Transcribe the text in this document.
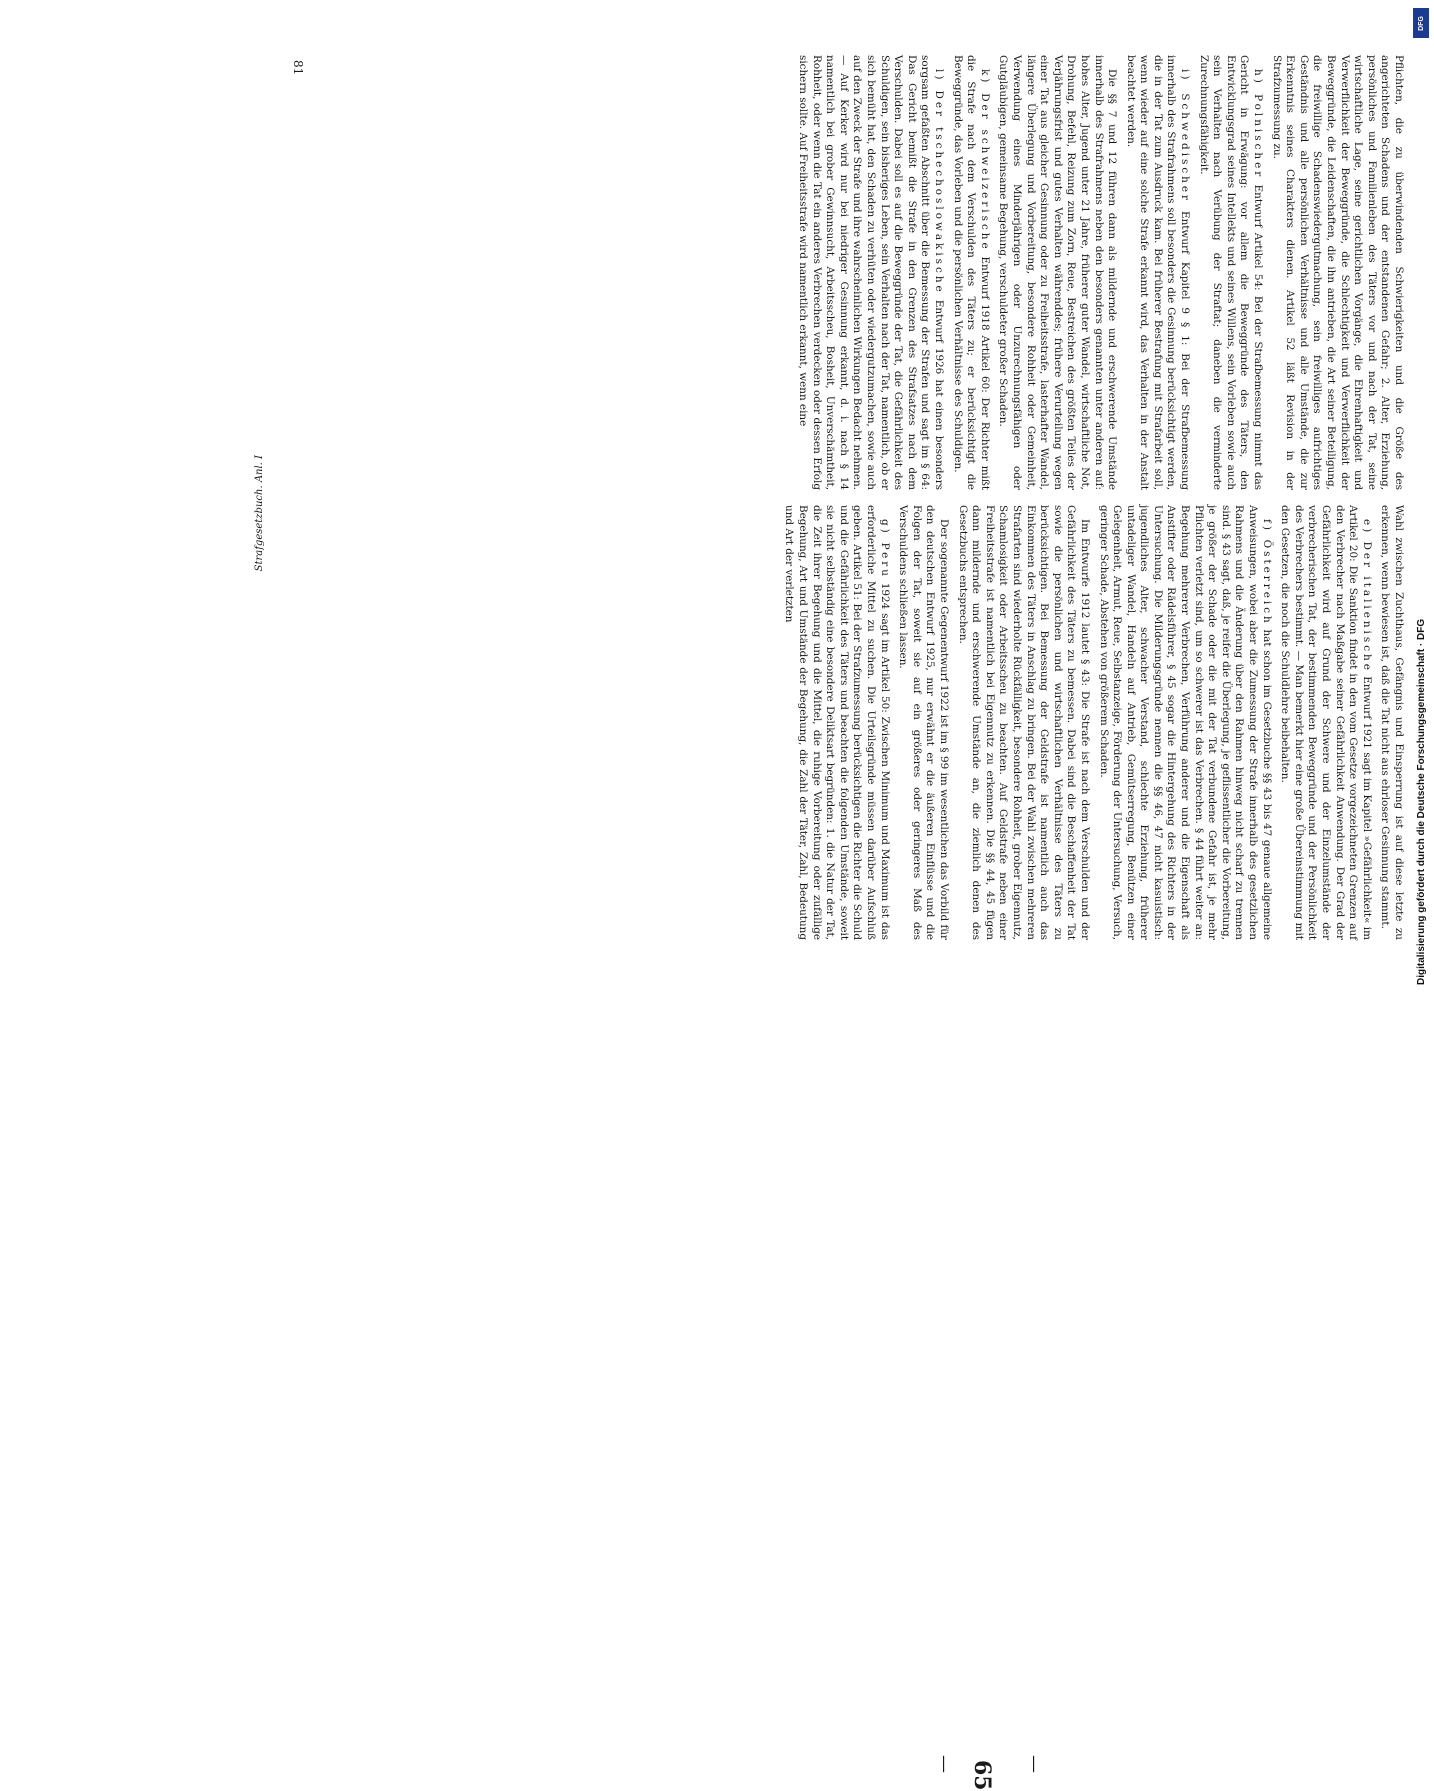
—
65
—

Wahl zwischen Zuchthaus, Gefängnis und Einsperrung ist auf diese letzte zu erkennen, wenn bewiesen ist, daß die Tat nicht aus ehrloser Gesinnung stammt.

e) Der italienische Entwurf 1921 sagt im Kapitel »Gefährlichkeit« im Artikel 20: Die Sanktion findet in den vom Gesetze vorgezeichneten Grenzen auf den Verbrecher nach Maßgabe seiner Gefährlichkeit Anwendung. Der Grad der Gefährlichkeit wird auf Grund der Schwere und der Einzelumstände der verbrecherischen Tat, der bestimmenden Beweggründe und der Persönlichkeit des Verbrechers bestimmt. — Man bemerkt hier eine große Übereinstimmung mit den Gesetzen, die noch die Schuldlehre beibehalten.

f) Österreich hat schon im Gesetzbuche §§ 43 bis 47 genaue allgemeine Anweisungen, wobei aber die Zumessung der Strafe innerhalb des gesetzlichen Rahmens und die Änderung über den Rahmen hinweg nicht scharf zu trennen sind. § 43 sagt, daß, je reifer die Überlegung, je geflissentlicher die Vorbereitung, je größer der Schade oder die mit der Tat verbundene Gefahr ist, je mehr Pflichten verletzt sind, um so schwerer ist das Verbrechen. § 44 führt weiter an: Begehung mehrerer Verbrechen, Verführung anderer und die Eigenschaft als Anstifter oder Rädelsführer, § 45 sogar die Hintergehung des Richters in der Untersuchung. Die Milderungsgründe nennen die §§ 46, 47 nicht kasuistisch: jugendliches Alter, schwacher Verstand, schlechte Erziehung, früherer untadeliger Wandel, Handeln auf Antrieb, Gemütserregung, Benützen einer Gelegenheit, Armut, Reue, Selbstanzeige, Förderung der Untersuchung, Versuch, geringer Schade, Abstehen von größerem Schaden.

Im Entwurfe 1912 lautet § 43: Die Strafe ist nach dem Verschulden und der Gefährlichkeit des Täters zu bemessen. Dabei sind die Beschaffenheit der Tat sowie die persönlichen und wirtschaftlichen Verhältnisse des Täters zu berücksichtigen. Bei Bemessung der Geldstrafe ist namentlich auch das Einkommen des Täters in Anschlag zu bringen. Bei der Wahl zwischen mehreren Strafarten sind wiederholte Rückfälligkeit, besondere Rohheit, grober Eigennutz, Schamlosigkeit oder Arbeitsscheu zu beachten. Auf Geldstrafe neben einer Freiheitsstrafe ist namentlich bei Eigennutz zu erkennen. Die §§ 44, 45 fügen dann mildernde und erschwerende Umstände an, die ziemlich denen des Gesetzbuchs entsprechen.

Der sogenannte Gegenentwurf 1922 ist im § 99 im wesentlichen das Vorbild für den deutschen Entwurf 1925, nur erwähnt er die äußeren Einflüsse und die Folgen der Tat, soweit sie auf ein größeres oder geringeres Maß des Verschuldens schließen lassen.

g) Peru 1924 sagt im Artikel 50: Zwischen Minimum und Maximum ist das erforderliche Mittel zu suchen. Die Urteilsgründe müssen darüber Aufschluß geben. Artikel 51: Bei der Strafzumessung berücksichtigen die Richter die Schuld und die Gefährlichkeit des Täters und beachten die folgenden Umstände, soweit sie nicht selbständig eine besondere Deliktsart begründen: 1. die Natur der Tat, die Zeit ihrer Begehung und die Mittel, die ruhige Vorbereitung oder zufällige Begehung, Art und Umstände der Begehung, die Zahl der Täter, Zahl, Bedeutung und Art der verletzten

Pflichten, die zu überwindenden Schwierigkeiten und die Größe des angerichteten Schadens und der entstandenen Gefahr; 2. Alter, Erziehung, persönliches und Familienleben des Täters vor und nach der Tat, seine wirtschaftliche Lage, seine gerichtlichen Vorgänge, die Ehrenhaftigkeit und Verwerflichkeit der Beweggründe, die Schlechtigkeit und Verwerflichkeit der Beweggründe, die Leidenschaften, die ihn antrieben, die Art seiner Beteiligung, die freiwillige Schadenswiedergutmachung, sein freiwilliges aufrichtiges Geständnis und alle persönlichen Verhältnisse und alle Umstände, die zur Erkenntnis seines Charakters dienen. Artikel 52 läßt Revision in der Strafzumessung zu.

h) Polnischer Entwurf Artikel 54: Bei der Strafbemessung nimmt das Gericht in Erwägung: vor allem die Beweggründe des Täters, den Entwicklungsgrad seines Intellekts und seines Willens, sein Vorleben sowie auch sein Verhalten nach Verübung der Straftat; daneben die verminderte Zurechnungsfähigkeit.

i) Schwedischer Entwurf Kapitel 9 § 1: Bei der Strafbemessung innerhalb des Strafrahmens soll besonders die Gesinnung berücksichtigt werden, die in der Tat zum Ausdruck kam. Bei früherer Bestrafung mit Strafarbeit soll, wenn wieder auf eine solche Strafe erkannt wird, das Verhalten in der Anstalt beachtet werden.

Die §§ 7 und 12 führen dann als mildernde und erschwerende Umstände innerhalb des Strafrahmens neben den besonders genannten unter anderen auf: hohes Alter, Jugend unter 21 Jahre, früherer guter Wandel, wirtschaftliche Not, Drohung, Befehl, Reizung zum Zorn, Reue, Bestreichen des größten Teiles der Verjährungsfrist und gutes Verhalten währenddes; frühere Verurteilung wegen einer Tat aus gleicher Gesinnung oder zu Freiheitsstrafe, lasterhafter Wandel, längere Überlegung und Vorbereitung, besondere Rohheit oder Gemeinheit, Verwendung eines Minderjährigen oder Unzurechnungsfähigen oder Gutgläubigen, gemeinsame Begehung, verschuldeter großer Schaden.

k) Der schweizerische Entwurf 1918 Artikel 60: Der Richter mißt die Strafe nach dem Verschulden des Täters zu; er berücksichtigt die Beweggründe, das Vorleben und die persönlichen Verhältnisse des Schuldigen.

l) Der tschechoslowakische Entwurf 1926 hat einen besonders sorgsam gefaßten Abschnitt über die Bemessung der Strafen und sagt im § 64: Das Gericht bemißt die Strafe in den Grenzen des Strafsatzes nach dem Verschulden. Dabei soll es auf die Beweggründe der Tat, die Gefährlichkeit des Schuldigen, sein bisheriges Leben, sein Verhalten nach der Tat, namentlich, ob er sich bemüht hat, den Schaden zu verhüten oder wiedergutzumachen, sowie auch auf den Zweck der Strafe und ihre wahrscheinlichen Wirkungen Bedacht nehmen. — Auf Kerker wird nur bei niedriger Gesinnung erkannt, d. i. nach § 14 namentlich bei grober Gewinnsucht, Arbeitsscheu, Bosheit, Unverschämtheit, Rohheit, oder wenn die Tat ein anderes Verbrechen verdecken oder dessen Erfolg sichern sollte. Auf Freiheitsstrafe wird namentlich erkannt, wenn eine

Strafgesetzbuch. Anl. I
81
DFG
Digitalisierung gefördert durch die Deutsche Forschungsgemeinschaft · DFG
